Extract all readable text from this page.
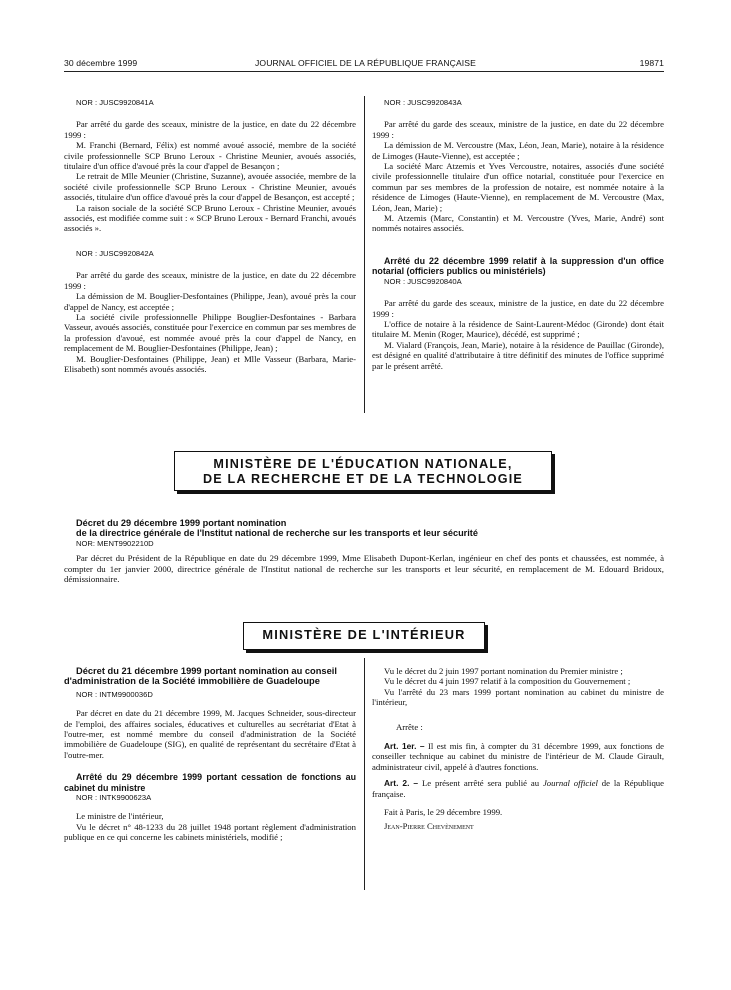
30 décembre 1999	JOURNAL OFFICIEL DE LA RÉPUBLIQUE FRANÇAISE	19871

NOR : JUSC9920841A

Par arrêté du garde des sceaux, ministre de la justice, en date du 22 décembre 1999 :

M. Franchi (Bernard, Félix) est nommé avoué associé, membre de la société civile professionnelle SCP Bruno Leroux - Christine Meunier, avoués associés, titulaire d'un office d'avoué près la cour d'appel de Besançon ;

Le retrait de Mlle Meunier (Christine, Suzanne), avouée associée, membre de la société civile professionnelle SCP Bruno Leroux - Christine Meunier, avoués associés, titulaire d'un office d'avoué près la cour d'appel de Besançon, est accepté ;

La raison sociale de la société SCP Bruno Leroux - Christine Meunier, avoués associés, est modifiée comme suit : « SCP Bruno Leroux - Bernard Franchi, avoués associés ».

NOR : JUSC9920842A

Par arrêté du garde des sceaux, ministre de la justice, en date du 22 décembre 1999 :

La démission de M. Bouglier-Desfontaines (Philippe, Jean), avoué près la cour d'appel de Nancy, est acceptée ;

La société civile professionnelle Philippe Bouglier-Desfontaines - Barbara Vasseur, avoués associés, constituée pour l'exercice en commun par ses membres de la profession d'avoué, est nommée avoué près la cour d'appel de Nancy, en remplacement de M. Bouglier-Desfontaines (Philippe, Jean) ;

M. Bouglier-Desfontaines (Philippe, Jean) et Mlle Vasseur (Barbara, Marie-Elisabeth) sont nommés avoués associés.

NOR : JUSC9920843A

Par arrêté du garde des sceaux, ministre de la justice, en date du 22 décembre 1999 :

La démission de M. Vercoustre (Max, Léon, Jean, Marie), notaire à la résidence de Limoges (Haute-Vienne), est acceptée ;

La société Marc Atzemis et Yves Vercoustre, notaires, associés d'une société civile professionnelle titulaire d'un office notarial, constituée pour l'exercice en commun par ses membres de la profession de notaire, est nommée notaire à la résidence de Limoges (Haute-Vienne), en remplacement de M. Vercoustre (Max, Léon, Jean, Marie) ;

M. Atzemis (Marc, Constantin) et M. Vercoustre (Yves, Marie, André) sont nommés notaires associés.

Arrêté du 22 décembre 1999 relatif à la suppression d'un office notarial (officiers publics ou ministériels)

NOR : JUSC9920840A

Par arrêté du garde des sceaux, ministre de la justice, en date du 22 décembre 1999 :

L'office de notaire à la résidence de Saint-Laurent-Médoc (Gironde) dont était titulaire M. Menin (Roger, Maurice), décédé, est supprimé ;

M. Vialard (François, Jean, Marie), notaire à la résidence de Pauillac (Gironde), est désigné en qualité d'attributaire à titre définitif des minutes de l'office supprimé par le présent arrêté.

MINISTÈRE DE L'ÉDUCATION NATIONALE,
DE LA RECHERCHE ET DE LA TECHNOLOGIE

Décret du 29 décembre 1999 portant nomination

de la directrice générale de l'Institut national de recherche sur les transports et leur sécurité

NOR: MENT9902210D

Par décret du Président de la République en date du 29 décembre 1999, Mme Elisabeth Dupont-Kerlan, ingénieur en chef des ponts et chaussées, est nommée, à compter du 1er janvier 2000, directrice générale de l'Institut national de recherche sur les transports et leur sécurité, en remplacement de M. Edouard Bridoux, démissionnaire.

MINISTÈRE DE L'INTÉRIEUR

Décret du 21 décembre 1999 portant nomination au conseil d'administration de la Société immobilière de Guadeloupe

NOR : INTM9900036D

Par décret en date du 21 décembre 1999, M. Jacques Schneider, sous-directeur de l'emploi, des affaires sociales, éducatives et culturelles au secrétariat d'Etat à l'outre-mer, est nommé membre du conseil d'administration de la Société immobilière de Guadeloupe (SIG), en qualité de représentant du secrétaire d'Etat à l'outre-mer.

Arrêté du 29 décembre 1999 portant cessation de fonctions au cabinet du ministre

NOR : INTK9900623A

Le ministre de l'intérieur,

Vu le décret n° 48-1233 du 28 juillet 1948 portant règlement d'administration publique en ce qui concerne les cabinets ministériels, modifié ;

Vu le décret du 2 juin 1997 portant nomination du Premier ministre ;

Vu le décret du 4 juin 1997 relatif à la composition du Gouvernement ;

Vu l'arrêté du 23 mars 1999 portant nomination au cabinet du ministre de l'intérieur,

Arrête :

Art. 1er. – Il est mis fin, à compter du 31 décembre 1999, aux fonctions de conseiller technique au cabinet du ministre de l'intérieur de M. Claude Girault, administrateur civil, appelé à d'autres fonctions.

Art. 2. – Le présent arrêté sera publié au Journal officiel de la République française.

Fait à Paris, le 29 décembre 1999.

Jean-Pierre Chevènement
